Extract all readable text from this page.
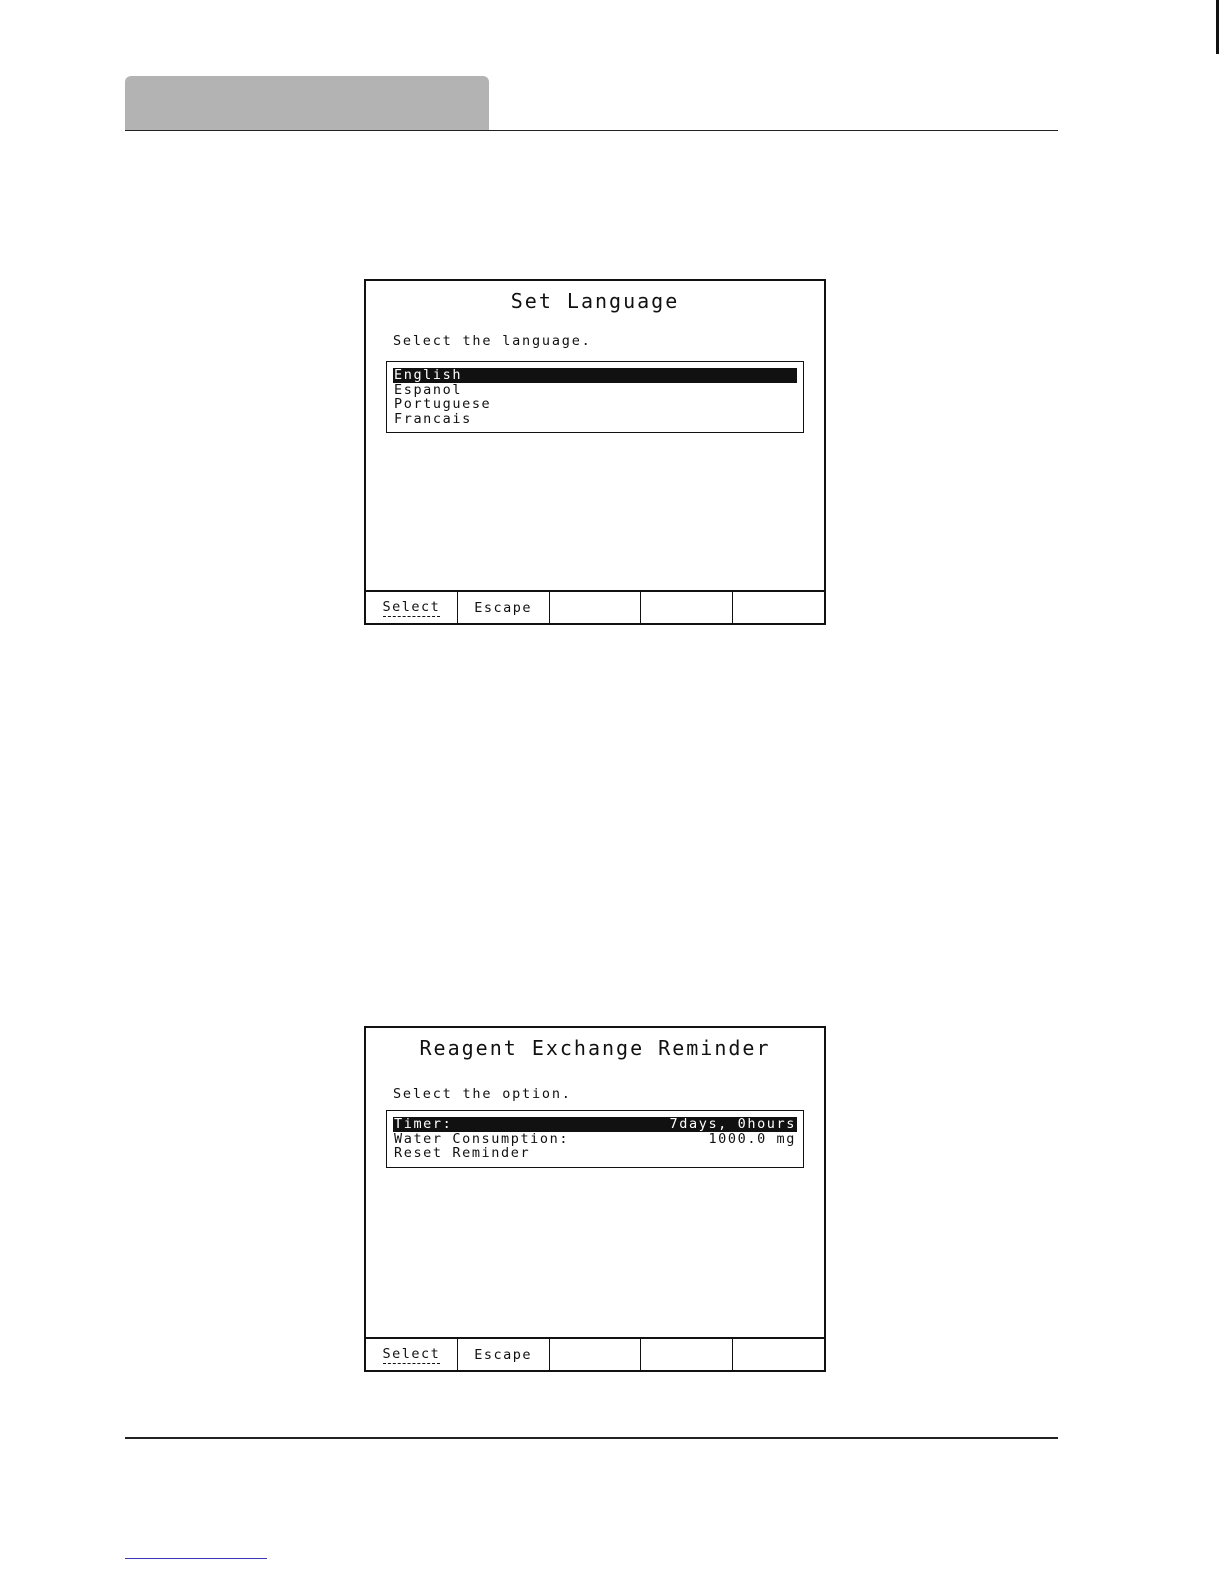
Set Language
Select the language.
English
Espanol
Portuguese
Francais
Select	Escape
Reagent Exchange Reminder
Select the option.
Timer:	7days, 0hours
Water Consumption:	1000.0 mg
Reset Reminder
Select	Escape
